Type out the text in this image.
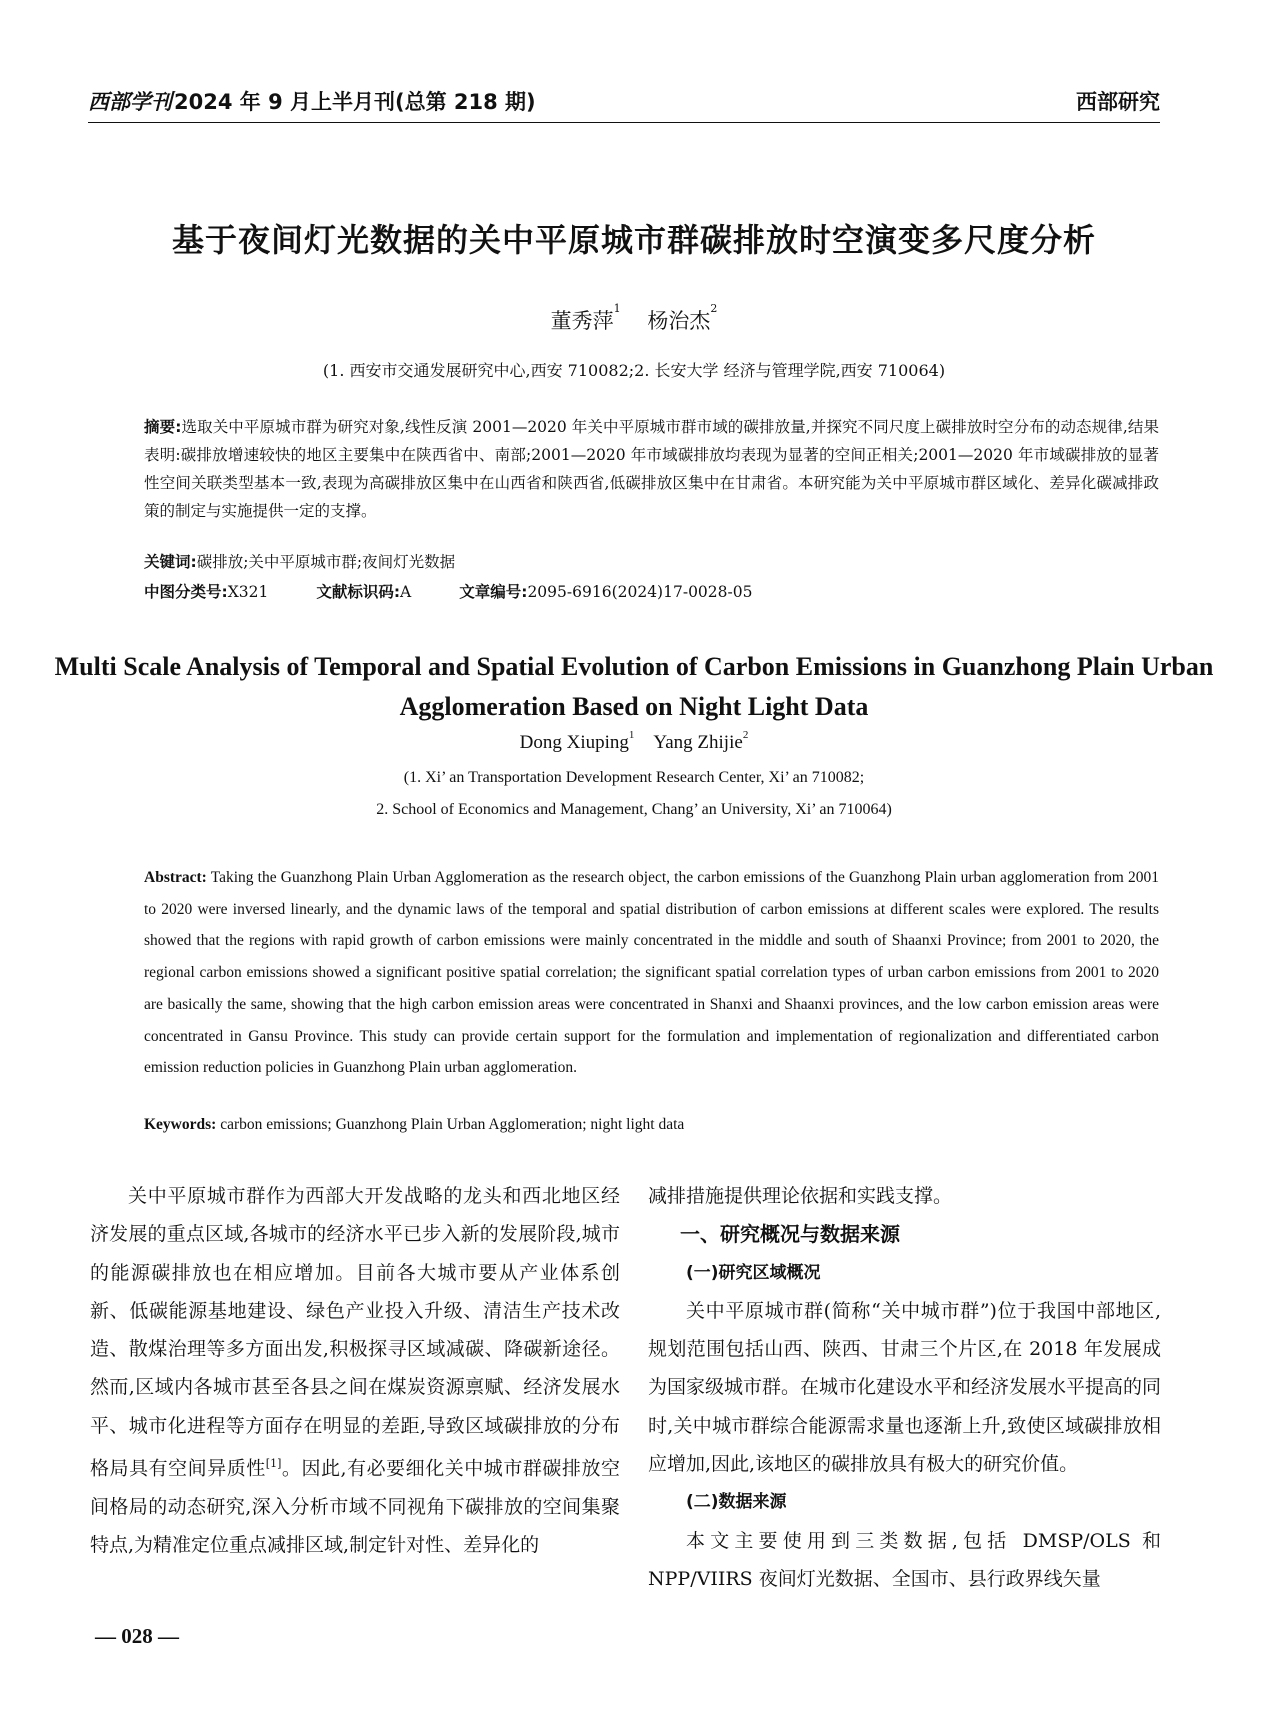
西部学刊2024 年 9 月上半月刊(总第 218 期)	西部研究
基于夜间灯光数据的关中平原城市群碳排放时空演变多尺度分析
董秀萍$^1$    杨治杰$^2$
(1. 西安市交通发展研究中心,西安 710082;2. 长安大学 经济与管理学院,西安 710064)
摘要:选取关中平原城市群为研究对象,线性反演 2001—2020 年关中平原城市群市域的碳排放量,并探究不同尺度上碳排放时空分布的动态规律,结果表明:碳排放增速较快的地区主要集中在陕西省中、南部;2001—2020 年市域碳排放均表现为显著的空间正相关;2001—2020 年市域碳排放的显著性空间关联类型基本一致,表现为高碳排放区集中在山西省和陕西省,低碳排放区集中在甘肃省。本研究能为关中平原城市群区域化、差异化碳减排政策的制定与实施提供一定的支撑。
关键词:碳排放;关中平原城市群;夜间灯光数据
中图分类号:X321	文献标识码:A	文章编号:2095-6916(2024)17-0028-05
Multi Scale Analysis of Temporal and Spatial Evolution of Carbon Emissions in Guanzhong Plain Urban Agglomeration Based on Night Light Data
Dong Xiuping$^1$ Yang Zhijie$^2$
(1. Xi’ an Transportation Development Research Center, Xi’ an 710082;
2. School of Economics and Management, Chang’ an University, Xi’ an 710064)
Abstract: Taking the Guanzhong Plain Urban Agglomeration as the research object, the carbon emissions of the Guanzhong Plain urban agglomeration from 2001 to 2020 were inversed linearly, and the dynamic laws of the temporal and spatial distribution of carbon emissions at different scales were explored. The results showed that the regions with rapid growth of carbon emissions were mainly concentrated in the middle and south of Shaanxi Province; from 2001 to 2020, the regional carbon emissions showed a significant positive spatial correlation; the significant spatial correlation types of urban carbon emissions from 2001 to 2020 are basically the same, showing that the high carbon emission areas were concentrated in Shanxi and Shaanxi provinces, and the low carbon emission areas were concentrated in Gansu Province. This study can provide certain support for the formulation and implementation of regionalization and differentiated carbon emission reduction policies in Guanzhong Plain urban agglomeration.
Keywords: carbon emissions; Guanzhong Plain Urban Agglomeration; night light data
关中平原城市群作为西部大开发战略的龙头和西北地区经济发展的重点区域,各城市的经济水平已步入新的发展阶段,城市的能源碳排放也在相应增加。目前各大城市要从产业体系创新、低碳能源基地建设、绿色产业投入升级、清洁生产技术改造、散煤治理等多方面出发,积极探寻区域减碳、降碳新途径。然而,区域内各城市甚至各县之间在煤炭资源禀赋、经济发展水平、城市化进程等方面存在明显的差距,导致区域碳排放的分布格局具有空间异质性[1]。因此,有必要细化关中城市群碳排放空间格局的动态研究,深入分析市域不同视角下碳排放的空间集聚特点,为精准定位重点减排区域,制定针对性、差异化的

减排措施提供理论依据和实践支撑。

一、研究概况与数据来源

(一)研究区域概况

关中平原城市群(简称“关中城市群”)位于我国中部地区,规划范围包括山西、陕西、甘肃三个片区,在 2018 年发展成为国家级城市群。在城市化建设水平和经济发展水平提高的同时,关中城市群综合能源需求量也逐渐上升,致使区域碳排放相应增加,因此,该地区的碳排放具有极大的研究价值。

(二)数据来源

本文主要使用到三类数据,包括 DMSP/OLS 和 NPP/VIIRS 夜间灯光数据、全国市、县行政界线矢量

— 028 —
